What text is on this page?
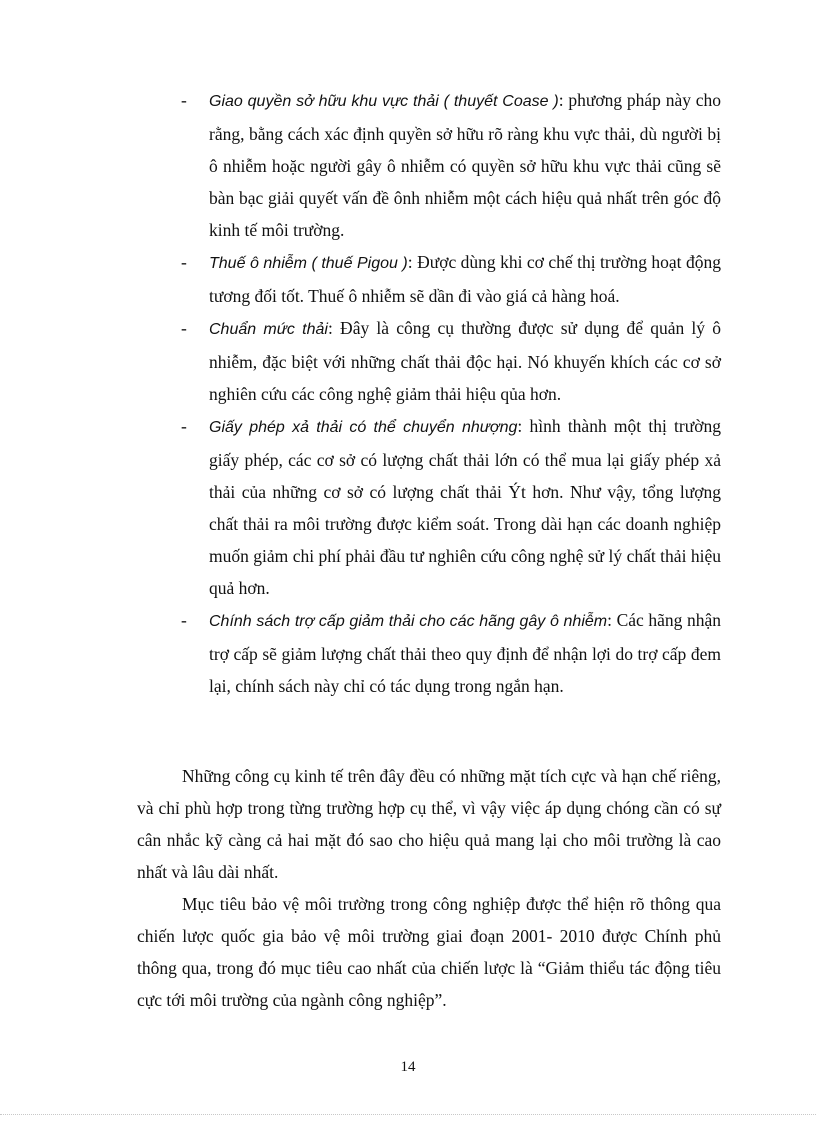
- Giao quyền sở hữu khu vực thải ( thuyết Coase ): phương pháp này cho rằng, bằng cách xác định quyền sở hữu rõ ràng khu vực thải, dù người bị ô nhiễm hoặc người gây ô nhiễm có quyền sở hữu khu vực thải cũng sẽ bàn bạc giải quyết vấn đề ônh nhiễm một cách hiệu quả nhất trên góc độ kinh tế môi trường.
- Thuế ô nhiễm ( thuế Pigou ): Được dùng khi cơ chế thị trường hoạt động tương đối tốt. Thuế ô nhiễm sẽ dần đi vào giá cả hàng hoá.
- Chuẩn mức thải: Đây là công cụ thường được sử dụng để quản lý ô nhiễm, đặc biệt với những chất thải độc hại. Nó khuyến khích các cơ sở nghiên cứu các công nghệ giảm thải hiệu qủa hơn.
- Giấy phép xả thải có thể chuyển nhượng: hình thành một thị trường giấy phép, các cơ sở có lượng chất thải lớn có thể mua lại giấy phép xả thải của những cơ sở có lượng chất thải Ýt hơn. Như vậy, tổng lượng chất thải ra môi trường được kiểm soát. Trong dài hạn các doanh nghiệp muốn giảm chi phí phải đầu tư nghiên cứu công nghệ sử lý chất thải hiệu quả hơn.
- Chính sách trợ cấp giảm thải cho các hãng gây ô nhiễm: Các hãng nhận trợ cấp sẽ giảm lượng chất thải theo quy định để nhận lợi do trợ cấp đem lại, chính sách này chỉ có tác dụng trong ngắn hạn.

Những công cụ kinh tế trên đây đều có những mặt tích cực và hạn chế riêng, và chỉ phù hợp trong từng trường hợp cụ thể, vì vậy việc áp dụng chóng cần có sự cân nhắc kỹ càng cả hai mặt đó sao cho hiệu quả mang lại cho môi trường là cao nhất và lâu dài nhất.

Mục tiêu bảo vệ môi trường trong công nghiệp được thể hiện rõ thông qua chiến lược quốc gia bảo vệ môi trường giai đoạn 2001- 2010 được Chính phủ thông qua, trong đó mục tiêu cao nhất của chiến lược là “Giảm thiểu tác động tiêu cực tới môi trường của ngành công nghiệp”.

14
